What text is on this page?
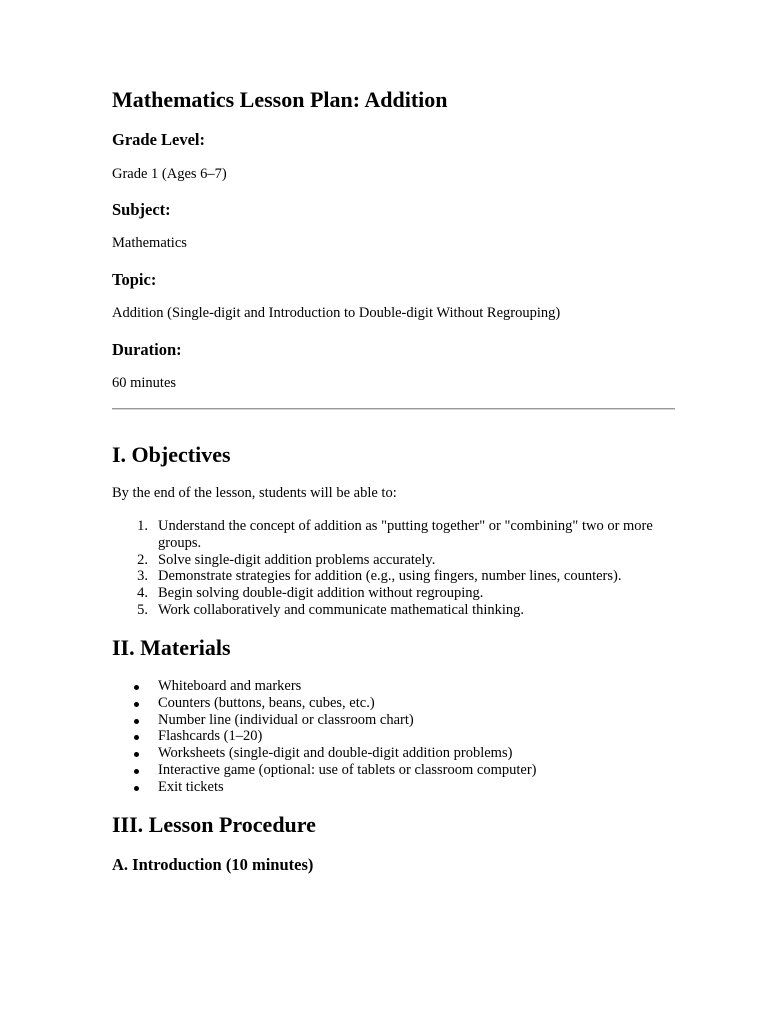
Mathematics Lesson Plan: Addition
Grade Level:
Grade 1 (Ages 6–7)
Subject:
Mathematics
Topic:
Addition (Single-digit and Introduction to Double-digit Without Regrouping)
Duration:
60 minutes
I. Objectives
By the end of the lesson, students will be able to:
1. Understand the concept of addition as "putting together" or "combining" two or more groups.
2. Solve single-digit addition problems accurately.
3. Demonstrate strategies for addition (e.g., using fingers, number lines, counters).
4. Begin solving double-digit addition without regrouping.
5. Work collaboratively and communicate mathematical thinking.
II. Materials
Whiteboard and markers
Counters (buttons, beans, cubes, etc.)
Number line (individual or classroom chart)
Flashcards (1–20)
Worksheets (single-digit and double-digit addition problems)
Interactive game (optional: use of tablets or classroom computer)
Exit tickets
III. Lesson Procedure
A. Introduction (10 minutes)
